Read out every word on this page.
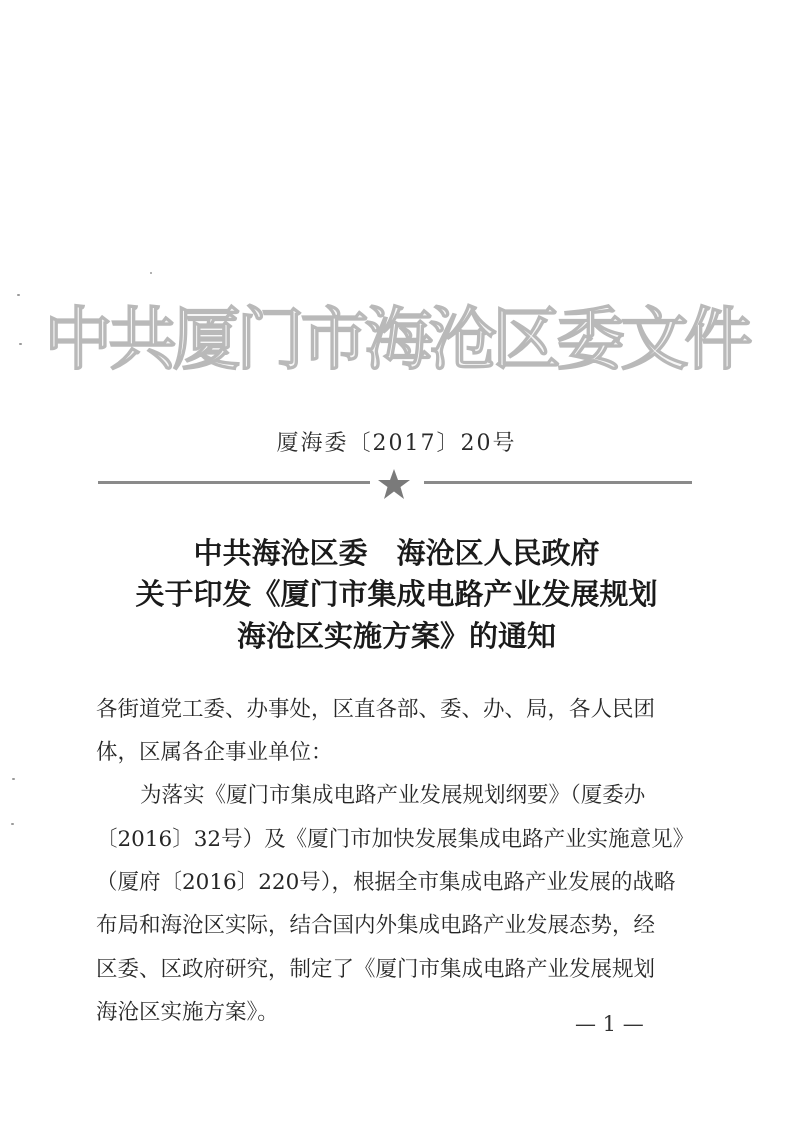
中共厦门市海沧区委文件
厦海委〔2017〕20号
中共海沧区委　海沧区人民政府
关于印发《厦门市集成电路产业发展规划
海沧区实施方案》的通知
各街道党工委、办事处，区直各部、委、办、局，各人民团
体，区属各企事业单位：
为落实《厦门市集成电路产业发展规划纲要》（厦委办
〔2016〕32号）及《厦门市加快发展集成电路产业实施意见》
（厦府〔2016〕220号），根据全市集成电路产业发展的战略
布局和海沧区实际，结合国内外集成电路产业发展态势，经
区委、区政府研究，制定了《厦门市集成电路产业发展规划
海沧区实施方案》。	— 1 —
